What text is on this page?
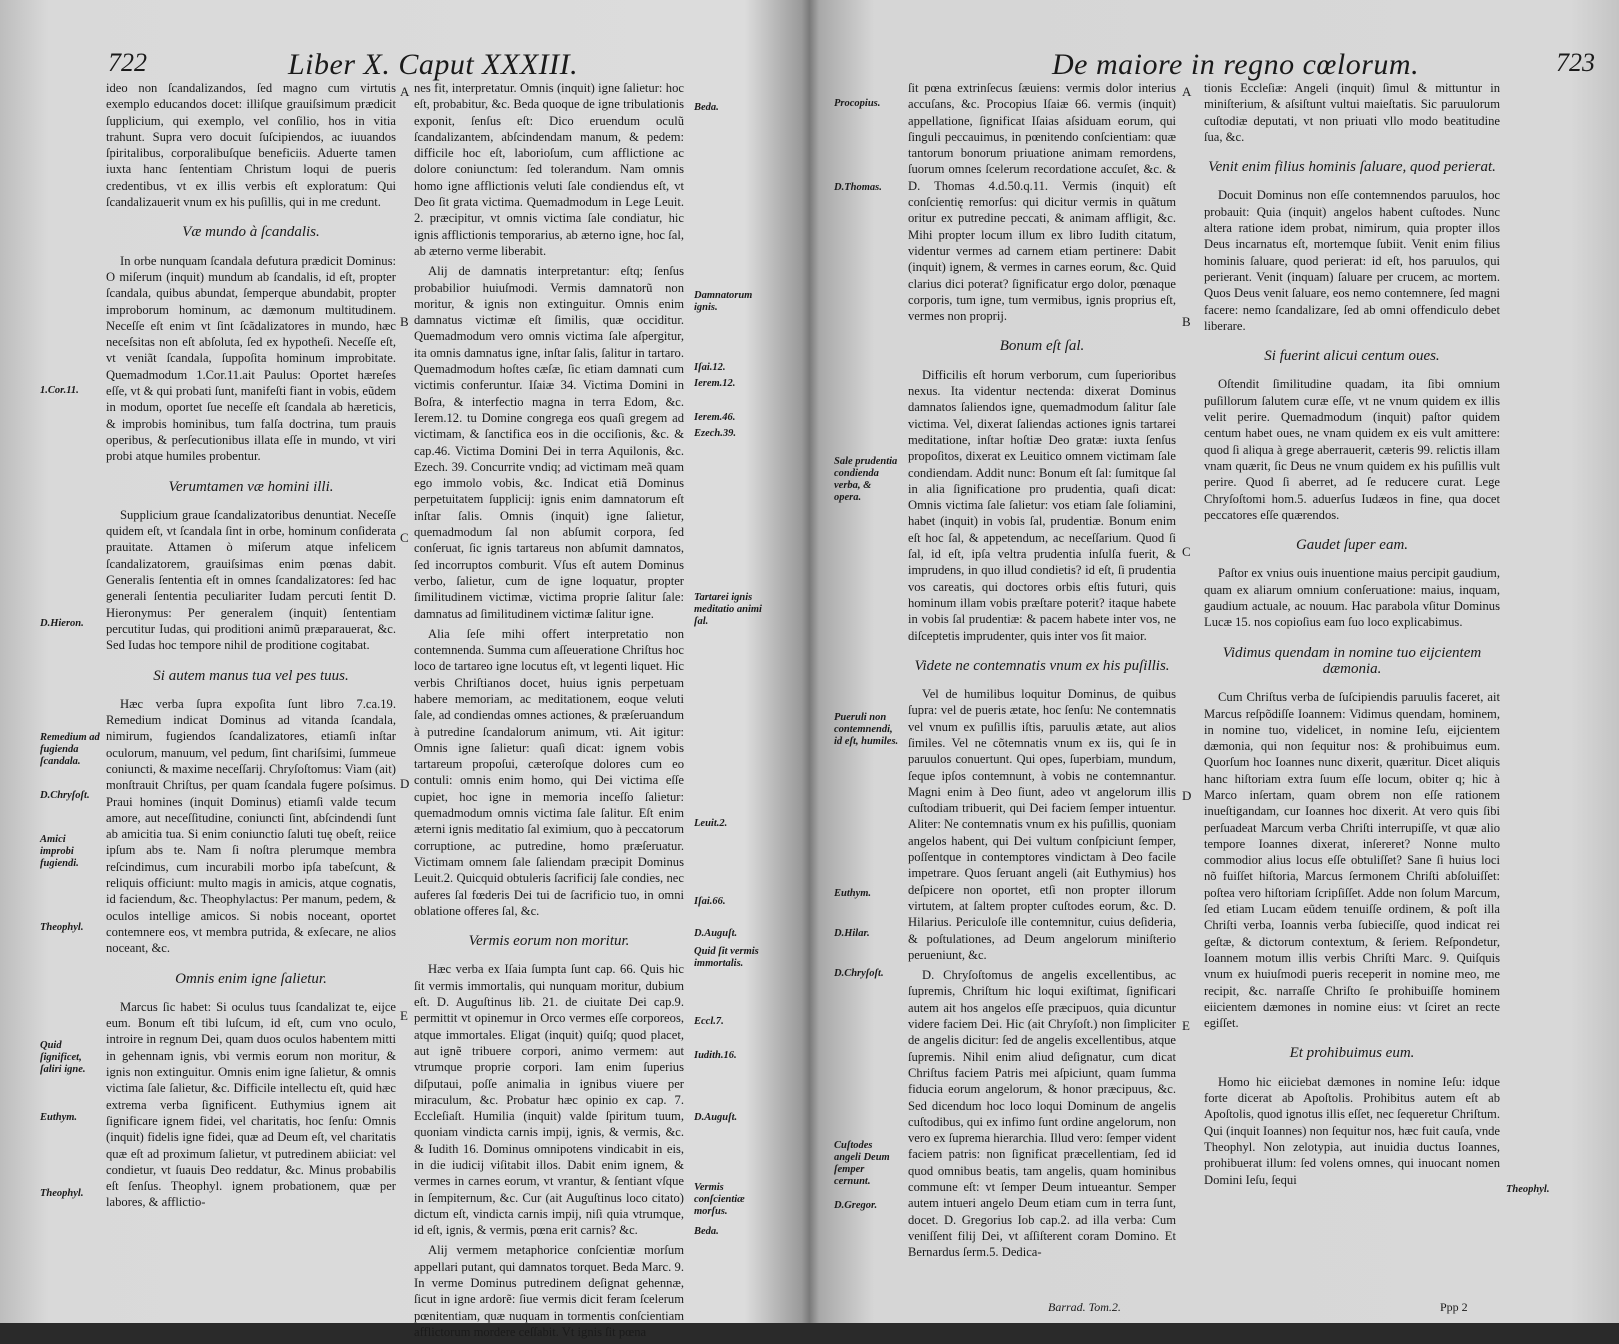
722	Liber X. Caput XXXIII.

ideo non ſcandalizandos, ſed magno cum virtutis exemplo educandos docet: illiſque grauiſsimum prædicit ſupplicium, qui exemplo, vel conſilio, hos in vitia trahunt. Supra vero docuit ſuſcipiendos, ac iuuandos ſpiritalibus, corporalibuſque beneficiis. Aduerte tamen iuxta hanc ſententiam Christum loqui de pueris credentibus, vt ex illis verbis eſt exploratum: Qui ſcandalizauerit vnum ex his puſillis, qui in me credunt.

Væ mundo à ſcandalis.

In orbe nunquam ſcandala defutura prædicit Dominus: O miſerum (inquit) mundum ab ſcandalis, id eſt, propter ſcandala, quibus abundat, ſemperque abundabit, propter improborum hominum, ac dæmonum multitudinem. Neceſſe eſt enim vt ſint ſcãdalizatores in mundo, hæc neceſsitas non eſt abſoluta, ſed ex hypotheſi. Neceſſe eſt, vt veniãt ſcandala, ſuppoſita hominum improbitate. Quemadmodum 1.Cor.11.ait Paulus: Oportet hæreſes eſſe, vt & qui probati ſunt, manifeſti fiant in vobis, eũdem in modum, oportet ſue neceſſe eſt ſcandala ab hæreticis, & improbis hominibus, tum falſa doctrina, tum prauis operibus, & perſecutionibus illata eſſe in mundo, vt viri probi atque humiles probentur.

Verumtamen væ homini illi.

Supplicium graue ſcandalizatoribus denuntiat. Neceſſe quidem eſt, vt ſcandala ſint in orbe, hominum conſiderata prauitate. Attamen ò miſerum atque infelicem ſcandalizatorem, grauiſsimas enim pœnas dabit. Generalis ſententia eſt in omnes ſcandalizatores: ſed hac generali ſententia peculiariter Iudam percuti ſentit D. Hieronymus: Per generalem (inquit) ſententiam percutitur Iudas, qui proditioni animũ præparauerat, &c. Sed Iudas hoc tempore nihil de proditione cogitabat.

Si autem manus tua vel pes tuus.

Hæc verba ſupra expoſita ſunt libro 7.ca.19. Remedium indicat Dominus ad vitanda ſcandala, nimirum, fugiendos ſcandalizatores, etiamſi inſtar oculorum, manuum, vel pedum, ſint chariſsimi, ſummeue coniuncti, & maxime neceſſarij. Chryſoſtomus: Viam (ait) monſtrauit Chriſtus, per quam ſcandala fugere poſsimus. Praui homines (inquit Dominus) etiamſi valde tecum amore, aut neceſſitudine, coniuncti ſint, abſcindendi ſunt ab amicitia tua. Si enim coniunctio ſaluti tuę obeſt, reiice ipſum abs te. Nam ſi noſtra plerumque membra reſcindimus, cum incurabili morbo ipſa tabeſcunt, & reliquis officiunt: multo magis in amicis, atque cognatis, id faciendum, &c. Theophylactus: Per manum, pedem, & oculos intellige amicos. Si nobis noceant, oportet contemnere eos, vt membra putrida, & exſecare, ne alios noceant, &c.

Omnis enim igne ſalietur.

Marcus ſic habet: Si oculus tuus ſcandalizat te, eijce eum. Bonum eſt tibi luſcum, id eſt, cum vno oculo, introire in regnum Dei, quam duos oculos habentem mitti in gehennam ignis, vbi vermis eorum non moritur, & ignis non extinguitur. Omnis enim igne ſalietur, & omnis victima ſale ſalietur, &c. Difficile intellectu eſt, quid hæc extrema verba ſignificent. Euthymius ignem ait ſignificare ignem fidei, vel charitatis, hoc ſenſu: Omnis (inquit) fidelis igne fidei, quæ ad Deum eſt, vel charitatis quæ eſt ad proximum ſalietur, vt putredinem abiiciat: vel condietur, vt ſuauis Deo reddatur, &c. Minus probabilis eſt ſenſus. Theophyl. ignem probationem, quæ per labores, & afflictio-

nes fit, interpretatur. Omnis (inquit) igne ſalietur: hoc eſt, probabitur, &c. Beda quoque de igne tribulationis exponit, ſenſus eſt: Dico eruendum oculũ ſcandalizantem, abſcindendam manum, & pedem: difficile hoc eſt, laborioſum, cum afflictione ac dolore coniunctum: ſed tolerandum. Nam omnis homo igne afflictionis veluti ſale condiendus eſt, vt Deo ſit grata victima. Quemadmodum in Lege Leuit. 2. præcipitur, vt omnis victima ſale condiatur, hic ignis afflictionis temporarius, ab æterno igne, hoc ſal, ab æterno verme liberabit.

Alij de damnatis interpretantur: eſtq; ſenſus probabilior huiuſmodi. Vermis damnatorũ non moritur, & ignis non extinguitur. Omnis enim damnatus victimæ eſt ſimilis, quæ occiditur. Quemadmodum vero omnis victima ſale aſpergitur, ita omnis damnatus igne, inſtar ſalis, ſalitur in tartaro. Quemadmodum hoſtes cæſæ, ſic etiam damnati cum victimis conferuntur. Iſaiæ 34. Victima Domini in Boſra, & interfectio magna in terra Edom, &c. Ierem.12. tu Domine congrega eos quaſi gregem ad victimam, & ſanctifica eos in die occiſionis, &c. & cap.46. Victima Domini Dei in terra Aquilonis, &c. Ezech. 39. Concurrite vndiq; ad victimam meã quam ego immolo vobis, &c. Indicat etiã Dominus perpetuitatem ſupplicij: ignis enim damnatorum eſt inſtar ſalis. Omnis (inquit) igne ſalietur, quemadmodum ſal non abſumit corpora, ſed conſeruat, ſic ignis tartareus non abſumit damnatos, ſed incorruptos comburit. Vſus eſt autem Dominus verbo, ſalietur, cum de igne loquatur, propter ſimilitudinem victimæ, victima proprie ſalitur ſale: damnatus ad ſimilitudinem victimæ ſalitur igne.

Alia ſeſe mihi offert interpretatio non contemnenda. Summa cum aſſeueratione Chriſtus hoc loco de tartareo igne locutus eſt, vt legenti liquet. Hic verbis Chriſtianos docet, huius ignis perpetuam habere memoriam, ac meditationem, eoque veluti ſale, ad condiendas omnes actiones, & præſeruandum à putredine ſcandalorum animum, vti. Ait igitur: Omnis igne ſalietur: quaſi dicat: ignem vobis tartareum propoſui, cæteroſque dolores cum eo contuli: omnis enim homo, qui Dei victima eſſe cupiet, hoc igne in memoria inceſſo ſalietur: quemadmodum omnis victima ſale ſalitur. Eſt enim æterni ignis meditatio ſal eximium, quo à peccatorum corruptione, ac putredine, homo præſeruatur. Victimam omnem ſale ſaliendam præcipit Dominus Leuit.2. Quicquid obtuleris ſacrificij ſale condies, nec auferes ſal fœderis Dei tui de ſacrificio tuo, in omni oblatione offeres ſal, &c.

Vermis eorum non moritur.

Hæc verba ex Iſaia ſumpta ſunt cap. 66. Quis hic ſit vermis immortalis, qui nunquam moritur, dubium eſt. D. Auguſtinus lib. 21. de ciuitate Dei cap.9. permittit vt opinemur in Orco vermes eſſe corporeos, atque immortales. Eligat (inquit) quiſq; quod placet, aut ignẽ tribuere corpori, animo vermem: aut vtrumque proprie corpori. Iam enim ſuperius diſputaui, poſſe animalia in ignibus viuere per miraculum, &c. Probatur hæc opinio ex cap. 7. Eccleſiaſt. Humilia (inquit) valde ſpiritum tuum, quoniam vindicta carnis impij, ignis, & vermis, &c. & Iudith 16. Dominus omnipotens vindicabit in eis, in die iudicij viſitabit illos. Dabit enim ignem, & vermes in carnes eorum, vt vrantur, & ſentiant vſque in ſempiternum, &c. Cur (ait Auguſtinus loco citato) dictum eſt, vindicta carnis impij, niſi quia vtrumque, id eſt, ignis, & vermis, pœna erit carnis? &c.

Alij vermem metaphorice conſcientiæ morſum appellari putant, qui damnatos torquet. Beda Marc. 9. In verme Dominus putredinem deſignat gehennæ, ſicut in igne ardorẽ: ſiue vermis dicit feram ſcelerum pœnitentiam, quæ nuquam in tormentis conſcientiam afflictorum mordere ceſſabit. Vt ignis ſit pœna

A
B
C
D
E
1.Cor.11.
D.Hieron.
Remedium ad fugienda ſcandala.
D.Chryſoſt.
Amici improbi fugiendi.
Theophyl.
Quid ſignificet, ſaliri igne.
Euthym.
Theophyl.
Beda.
Damnatorum ignis.
Iſai.12.
Ierem.12.
Ierem.46.
Ezech.39.
Tartarei ignis meditatio animi ſal.
Leuit.2.
Iſai.66.
D.Auguſt.
Quid ſit vermis immortalis.
Eccl.7.
Iudith.16.
D.Auguſt.
Vermis conſcientiæ morſus.
Beda.
De maiore in regno cœlorum.	723

ſit pœna extrinſecus ſæuiens: vermis dolor interius accuſans, &c. Procopius Iſaiæ 66. vermis (inquit) appellatione, ſignificat Iſaias aſsiduam eorum, qui ſinguli peccauimus, in pœnitendo conſcientiam: quæ tantorum bonorum priuatione animam remordens, ſuorum omnes ſcelerum recordatione accuſet, &c. & D. Thomas 4.d.50.q.11. Vermis (inquit) eſt conſcientię remorſus: qui dicitur vermis in quãtum oritur ex putredine peccati, & animam affligit, &c. Mihi propter locum illum ex libro Iudith citatum, videntur vermes ad carnem etiam pertinere: Dabit (inquit) ignem, & vermes in carnes eorum, &c. Quid clarius dici poterat? ſignificatur ergo dolor, pœnaque corporis, tum igne, tum vermibus, ignis proprius eſt, vermes non proprij.

Bonum eſt ſal.

Difficilis eſt horum verborum, cum ſuperioribus nexus. Ita videntur nectenda: dixerat Dominus damnatos ſaliendos igne, quemadmodum ſalitur ſale victima. Vel, dixerat ſaliendas actiones ignis tartarei meditatione, inſtar hoſtiæ Deo gratæ: iuxta ſenſus propoſitos, dixerat ex Leuitico omnem victimam ſale condiendam. Addit nunc: Bonum eſt ſal: ſumitque ſal in alia ſignificatione pro prudentia, quaſi dicat: Omnis victima ſale ſalietur: vos etiam ſale ſoliamini, habet (inquit) in vobis ſal, prudentiæ. Bonum enim eſt hoc ſal, & appetendum, ac neceſſarium. Quod ſi ſal, id eſt, ipſa veltra prudentia inſulſa fuerit, & imprudens, in quo illud condietis? id eſt, ſi prudentia vos careatis, qui doctores orbis eſtis futuri, quis hominum illam vobis præſtare poterit? itaque habete in vobis ſal prudentiæ: & pacem habete inter vos, ne diſceptetis imprudenter, quis inter vos ſit maior.

Videte ne contemnatis vnum ex his puſillis.

Vel de humilibus loquitur Dominus, de quibus ſupra: vel de pueris ætate, hoc ſenſu: Ne contemnatis vel vnum ex puſillis iſtis, paruulis ætate, aut alios ſimiles. Vel ne cõtemnatis vnum ex iis, qui ſe in paruulos conuertunt. Qui opes, ſuperbiam, mundum, ſeque ipſos contemnunt, à vobis ne contemnantur. Magni enim à Deo ſiunt, adeo vt angelorum illis cuſtodiam tribuerit, qui Dei faciem ſemper intuentur. Aliter: Ne contemnatis vnum ex his puſillis, quoniam angelos habent, qui Dei vultum conſpiciunt ſemper, poſſentque in contemptores vindictam à Deo facile impetrare. Quos ſeruant angeli (ait Euthymius) hos deſpicere non oportet, etſi non propter illorum virtutem, at ſaltem propter cuſtodes eorum, &c. D. Hilarius. Periculoſe ille contemnitur, cuius deſideria, & poſtulationes, ad Deum angelorum miniſterio perueniunt, &c.

D. Chryſoſtomus de angelis excellentibus, ac ſupremis, Chriſtum hic loqui exiſtimat, ſignificari autem ait hos angelos eſſe præcipuos, quia dicuntur videre faciem Dei. Hic (ait Chryſoſt.) non ſimpliciter de angelis dicitur: ſed de angelis excellentibus, atque ſupremis. Nihil enim aliud deſignatur, cum dicat Chriſtus faciem Patris mei aſpiciunt, quam ſumma fiducia eorum angelorum, & honor præcipuus, &c. Sed dicendum hoc loco loqui Dominum de angelis cuſtodibus, qui ex infimo ſunt ordine angelorum, non vero ex ſuprema hierarchia. Illud vero: ſemper vident faciem patris: non ſignificat præcellentiam, ſed id quod omnibus beatis, tam angelis, quam hominibus commune eſt: vt ſemper Deum intueantur. Semper autem intueri angelo Deum etiam cum in terra ſunt, docet. D. Gregorius Iob cap.2. ad illa verba: Cum veniſſent filij Dei, vt aſſiſterent coram Domino. Et Bernardus ſerm.5. Dedica-

tionis Eccleſiæ: Angeli (inquit) ſimul & mittuntur in miniſterium, & aſsiſtunt vultui maieſtatis. Sic paruulorum cuſtodiæ deputati, vt non priuati vllo modo beatitudine ſua, &c.

Venit enim filius hominis ſaluare, quod perierat.

Docuit Dominus non eſſe contemnendos paruulos, hoc probauit: Quia (inquit) angelos habent cuſtodes. Nunc altera ratione idem probat, nimirum, quia propter illos Deus incarnatus eſt, mortemque ſubiit. Venit enim filius hominis ſaluare, quod perierat: id eſt, hos paruulos, qui perierant. Venit (inquam) ſaluare per crucem, ac mortem. Quos Deus venit ſaluare, eos nemo contemnere, ſed magni facere: nemo ſcandalizare, ſed ab omni offendiculo debet liberare.

Si fuerint alicui centum oues.

Oſtendit ſimilitudine quadam, ita ſibi omnium puſillorum ſalutem curæ eſſe, vt ne vnum quidem ex illis velit perire. Quemadmodum (inquit) paſtor quidem centum habet oues, ne vnam quidem ex eis vult amittere: quod ſi aliqua à grege aberrauerit, cæteris 99. relictis illam vnam quærit, ſic Deus ne vnum quidem ex his puſillis vult perire. Quod ſi aberret, ad ſe reducere curat. Lege Chryſoſtomi hom.5. aduerſus Iudæos in fine, qua docet peccatores eſſe quærendos.

Gaudet ſuper eam.

Paſtor ex vnius ouis inuentione maius percipit gaudium, quam ex aliarum omnium conſeruatione: maius, inquam, gaudium actuale, ac nouum. Hac parabola vſitur Dominus Lucæ 15. nos copioſius eam ſuo loco explicabimus.

Vidimus quendam in nomine tuo eijcientem dæmonia.

Cum Chriſtus verba de ſuſcipiendis paruulis faceret, ait Marcus reſpõdiſſe Ioannem: Vidimus quendam, hominem, in nomine tuo, videlicet, in nomine Ieſu, eijcientem dæmonia, qui non ſequitur nos: & prohibuimus eum. Quorſum hoc Ioannes nunc dixerit, quæritur. Dicet aliquis hanc hiſtoriam extra ſuum eſſe locum, obiter q; hic à Marco inſertam, quam obrem non eſſe rationem inueſtigandam, cur Ioannes hoc dixerit. At vero quis ſibi perſuadeat Marcum verba Chriſti interrupiſſe, vt quæ alio tempore Ioannes dixerat, inſereret? Nonne multo commodior alius locus eſſe obtuliſſet? Sane ſi huius loci nõ fuiſſet hiſtoria, Marcus ſermonem Chriſti abſoluiſſet: poſtea vero hiſtoriam ſcripſiſſet. Adde non ſolum Marcum, ſed etiam Lucam eũdem tenuiſſe ordinem, & poſt illa Chriſti verba, Ioannis verba ſubieciſſe, quod indicat rei geſtæ, & dictorum contextum, & ſeriem. Reſpondetur, Ioannem motum illis verbis Chriſti Marc. 9. Quiſquis vnum ex huiuſmodi pueris receperit in nomine meo, me recipit, &c. narraſſe Chriſto ſe prohibuiſſe hominem eiicientem dæmones in nomine eius: vt ſciret an recte egiſſet.

Et prohibuimus eum.

Homo hic eiiciebat dæmones in nomine Ieſu: idque forte dicerat ab Apoſtolis. Prohibitus autem eſt ab Apoſtolis, quod ignotus illis eſſet, nec ſequeretur Chriſtum. Qui (inquit Ioannes) non ſequitur nos, hæc fuit cauſa, vnde Theophyl. Non zelotypia, aut inuidia ductus Ioannes, prohibuerat illum: ſed volens omnes, qui inuocant nomen Domini Ieſu, ſequi

A
B
C
D
E
Procopius.
D.Thomas.
Sale prudentia condienda verba, & opera.
Pueruli non contemnendi, id eſt, humiles.
Euthym.
D.Hilar.
D.Chryſoſt.
Cuſtodes angeli Deum ſemper cernunt.
D.Gregor.
Theophyl.
Barrad. Tom.2.	Ppp 2
